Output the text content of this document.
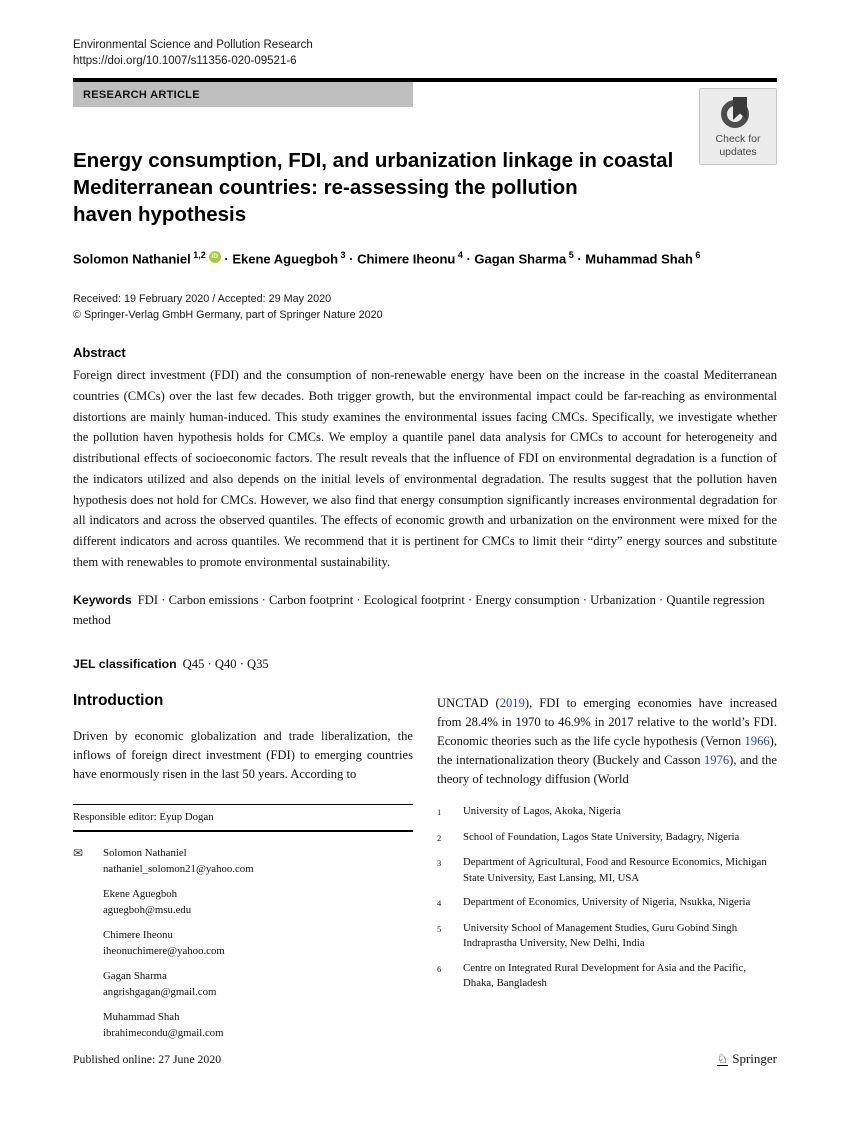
Environmental Science and Pollution Research
https://doi.org/10.1007/s11356-020-09521-6
RESEARCH ARTICLE
Check for
updates
Energy consumption, FDI, and urbanization linkage in coastal
Mediterranean countries: re-assessing the pollution
haven hypothesis
Solomon Nathaniel $^{1,2}$ iD · Ekene Aguegboh $^3$ · Chimere Iheonu $^4$ · Gagan Sharma $^5$ · Muhammad Shah $^6$
Received: 19 February 2020 / Accepted: 29 May 2020
© Springer-Verlag GmbH Germany, part of Springer Nature 2020
Abstract

Foreign direct investment (FDI) and the consumption of non-renewable energy have been on the increase in the coastal Mediterranean countries (CMCs) over the last few decades. Both trigger growth, but the environmental impact could be far-reaching as environmental distortions are mainly human-induced. This study examines the environmental issues facing CMCs. Specifically, we investigate whether the pollution haven hypothesis holds for CMCs. We employ a quantile panel data analysis for CMCs to account for heterogeneity and distributional effects of socioeconomic factors. The result reveals that the influence of FDI on environmental degradation is a function of the indicators utilized and also depends on the initial levels of environmental degradation. The results suggest that the pollution haven hypothesis does not hold for CMCs. However, we also find that energy consumption significantly increases environmental degradation for all indicators and across the observed quantiles. The effects of economic growth and urbanization on the environment were mixed for the different indicators and across quantiles. We recommend that it is pertinent for CMCs to limit their “dirty” energy sources and substitute them with renewables to promote environmental sustainability.

Keywords FDI · Carbon emissions · Carbon footprint · Ecological footprint · Energy consumption · Urbanization · Quantile regression method

JEL classification Q45 · Q40 · Q35

Introduction

Driven by economic globalization and trade liberalization, the inflows of foreign direct investment (FDI) to emerging countries have enormously risen in the last 50 years. According to

UNCTAD (2019), FDI to emerging economies have increased from 28.4% in 1970 to 46.9% in 2017 relative to the world’s FDI. Economic theories such as the life cycle hypothesis (Vernon 1966), the internationalization theory (Buckely and Casson 1976), and the theory of technology diffusion (World

Responsible editor: Eyup Dogan
✉	Solomon Nathaniel
nathaniel_solomon21@yahoo.com
Ekene Aguegboh
aguegboh@msu.edu
Chimere Iheonu
iheonuchimere@yahoo.com
Gagan Sharma
angrishgagan@gmail.com
Muhammad Shah
ibrahimecondu@gmail.com
1	University of Lagos, Akoka, Nigeria
2	School of Foundation, Lagos State University, Badagry, Nigeria
3	Department of Agricultural, Food and Resource Economics, Michigan State University, East Lansing, MI, USA
4	Department of Economics, University of Nigeria, Nsukka, Nigeria
5	University School of Management Studies, Guru Gobind Singh Indraprastha University, New Delhi, India
6	Centre on Integrated Rural Development for Asia and the Pacific, Dhaka, Bangladesh
Published online: 27 June 2020	♘ Springer
